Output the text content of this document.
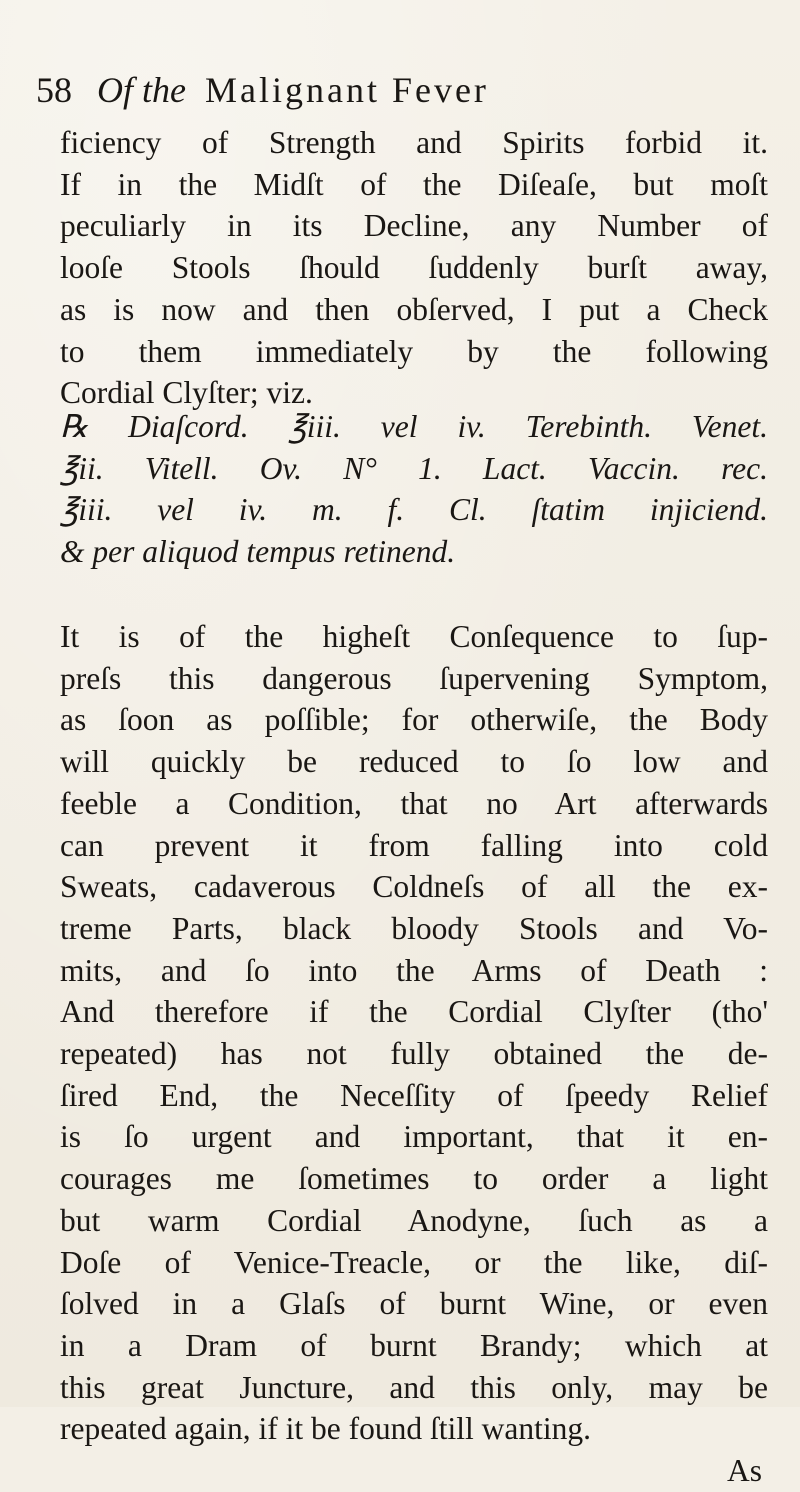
58 Of the Malignant Fever
ficiency of Strength and Spirits forbid it.
If in the Midſt of the Diſeaſe, but moſt
peculiarly in its Decline, any Number of
looſe Stools ſhould ſuddenly burſt away,
as is now and then obſerved, I put a Check
to them immediately by the following
Cordial Clyſter; viz.
℞ Diaſcord. ℥iii. vel iv. Terebinth. Venet.
℥ii. Vitell. Ov. N° 1. Lact. Vaccin. rec.
℥iii. vel iv. m. f. Cl. ſtatim injiciend.
& per aliquod tempus retinend.
It is of the higheſt Conſequence to ſup-
preſs this dangerous ſupervening Symptom,
as ſoon as poſſible; for otherwiſe, the Body
will quickly be reduced to ſo low and
feeble a Condition, that no Art afterwards
can prevent it from falling into cold
Sweats, cadaverous Coldneſs of all the ex-
treme Parts, black bloody Stools and Vo-
mits, and ſo into the Arms of Death :
And therefore if the Cordial Clyſter (tho'
repeated) has not fully obtained the de-
ſired End, the Neceſſity of ſpeedy Relief
is ſo urgent and important, that it en-
courages me ſometimes to order a light
but warm Cordial Anodyne, ſuch as a
Doſe of Venice-Treacle, or the like, diſ-
ſolved in a Glaſs of burnt Wine, or even
in a Dram of burnt Brandy; which at
this great Juncture, and this only, may be
repeated again, if it be found ſtill wanting.
As
